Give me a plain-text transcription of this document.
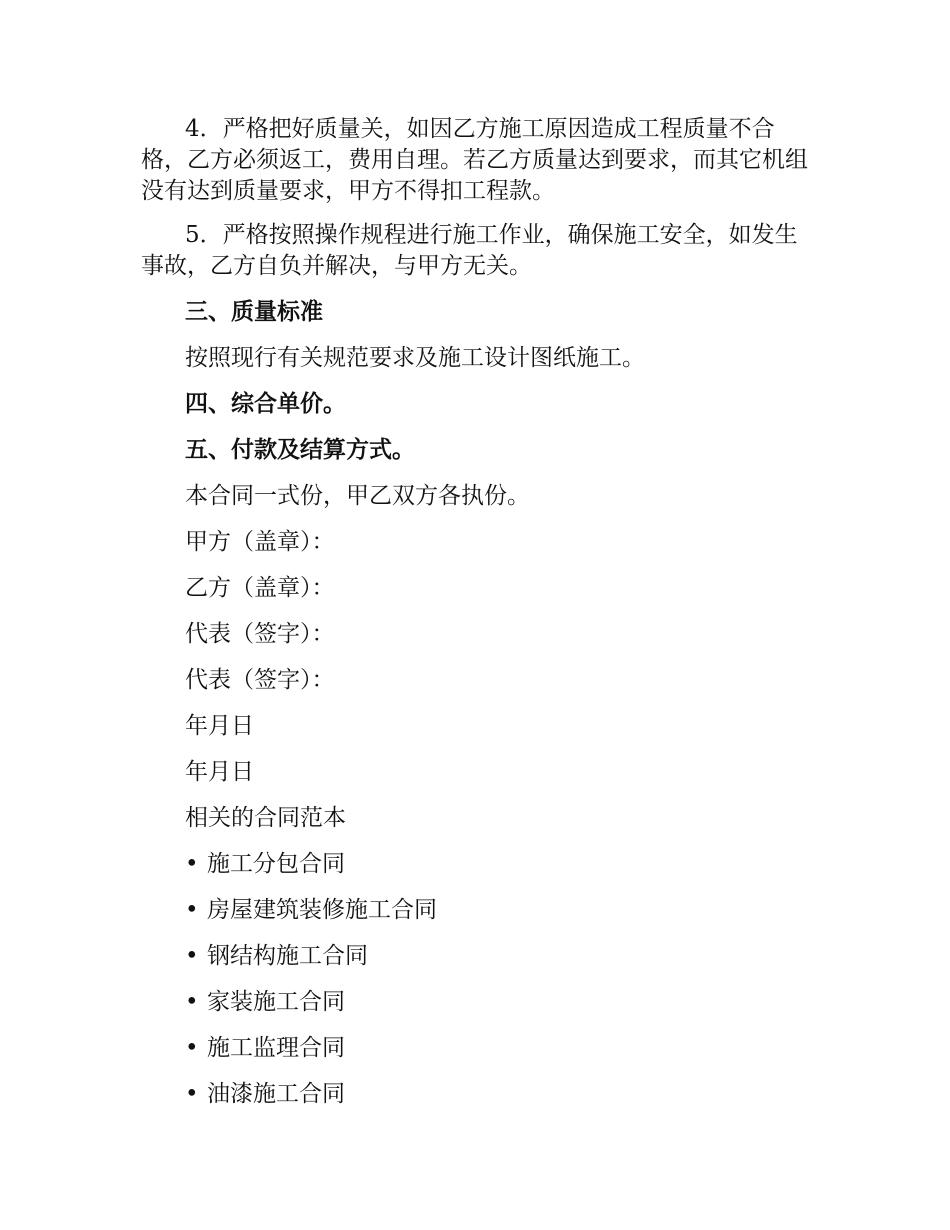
4．严格把好质量关，如因乙方施工原因造成工程质量不合格，乙方必须返工，费用自理。若乙方质量达到要求，而其它机组没有达到质量要求，甲方不得扣工程款。

5．严格按照操作规程进行施工作业，确保施工安全，如发生事故，乙方自负并解决，与甲方无关。

三、质量标准

按照现行有关规范要求及施工设计图纸施工。

四、综合单价。

五、付款及结算方式。

本合同一式份，甲乙双方各执份。

甲方（盖章）：

乙方（盖章）：

代表（签字）：

代表（签字）：

年月日

年月日

相关的合同范本

• 施工分包合同

• 房屋建筑装修施工合同

• 钢结构施工合同

• 家装施工合同

• 施工监理合同

• 油漆施工合同
